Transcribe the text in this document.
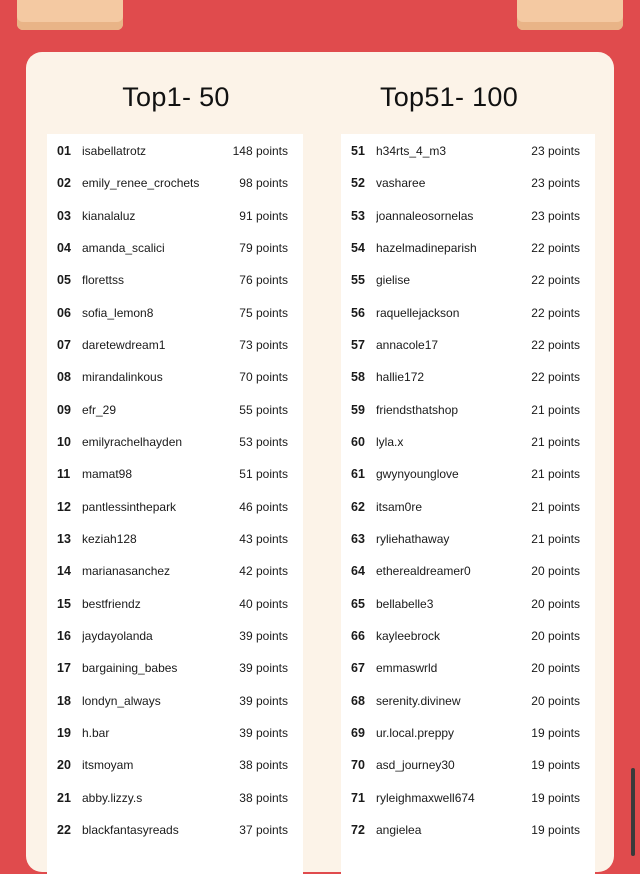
Top1- 50	Top51- 100
01 isabellatrotz	148 points
02 emily_renee_crochets	98 points
03 kianalaluz	91 points
04 amanda_scalici	79 points
05 florettss	76 points
06 sofia_lemon8	75 points
07 daretewdream1	73 points
08 mirandalinkous	70 points
09 efr_29	55 points
10 emilyrachelhayden	53 points
11 mamat98	51 points
12 pantlessinthepark	46 points
13 keziah128	43 points
14 marianasanchez	42 points
15 bestfriendz	40 points
16 jaydayolanda	39 points
17 bargaining_babes	39 points
18 londyn_always	39 points
19 h.bar	39 points
20 itsmoyam	38 points
21 abby.lizzy.s	38 points
22 blackfantasyreads	37 points
51 h34rts_4_m3	23 points
52 vasharee	23 points
53 joannaleosornelas	23 points
54 hazelmadineparish	22 points
55 gielise	22 points
56 raquellejackson	22 points
57 annacole17	22 points
58 hallie172	22 points
59 friendsthatshop	21 points
60 lyla.x	21 points
61 gwynyounglove	21 points
62 itsam0re	21 points
63 ryliehathaway	21 points
64 etherealdreamer0	20 points
65 bellabelle3	20 points
66 kayleebrock	20 points
67 emmaswrld	20 points
68 serenity.divinew	20 points
69 ur.local.preppy	19 points
70 asd_journey30	19 points
71 ryleighmaxwell674	19 points
72 angielea	19 points
